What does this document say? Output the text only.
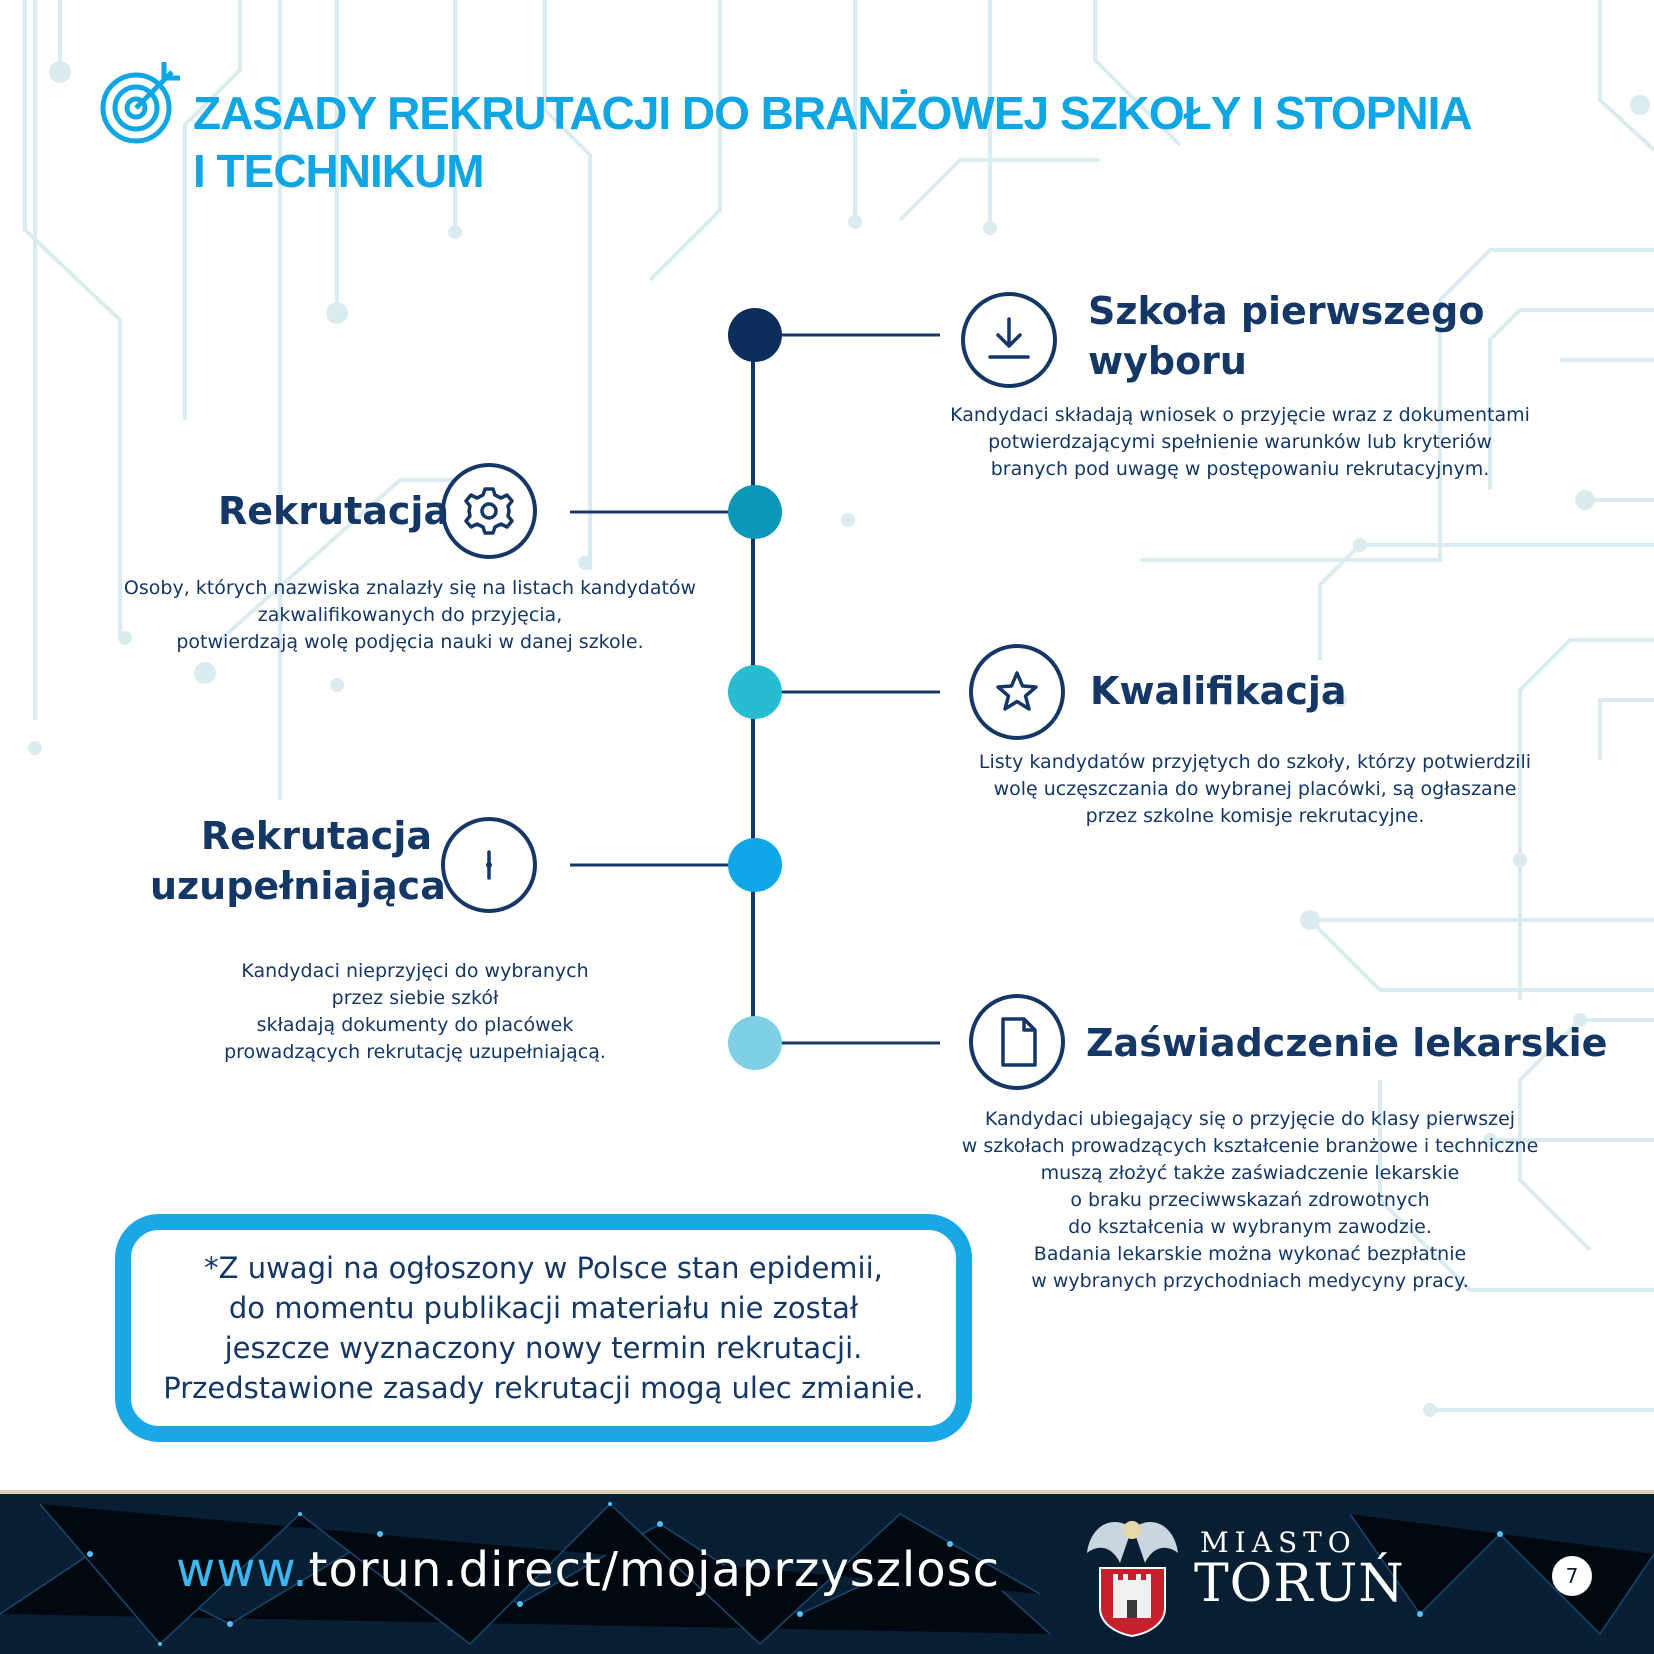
ZASADY REKRUTACJI DO BRANŻOWEJ SZKOŁY I STOPNIA
I TECHNIKUM
Szkoła pierwszego
wyboru

Kandydaci składają wniosek o przyjęcie wraz z dokumentami
potwierdzającymi spełnienie warunków lub kryteriów
branych pod uwagę w postępowaniu rekrutacyjnym.

Rekrutacja

Osoby, których nazwiska znalazły się na listach kandydatów
zakwalifikowanych do przyjęcia,
potwierdzają wolę podjęcia nauki w danej szkole.

Kwalifikacja

Listy kandydatów przyjętych do szkoły, którzy potwierdzili
wolę uczęszczania do wybranej placówki, są ogłaszane
przez szkolne komisje rekrutacyjne.

Rekrutacja
uzupełniająca

Kandydaci nieprzyjęci do wybranych
przez siebie szkół
składają dokumenty do placówek
prowadzących rekrutację uzupełniającą.	Zaświadczenie lekarskie

Kandydaci ubiegający się o przyjęcie do klasy pierwszej
w szkołach prowadzących kształcenie branżowe i techniczne
muszą złożyć także zaświadczenie lekarskie
o braku przeciwwskazań zdrowotnych
do kształcenia w wybranym zawodzie.
Badania lekarskie można wykonać bezpłatnie
w wybranych przychodniach medycyny pracy.

*Z uwagi na ogłoszony w Polsce stan epidemii,
do momentu publikacji materiału nie został
jeszcze wyznaczony nowy termin rekrutacji.
Przedstawione zasady rekrutacji mogą ulec zmianie.
www.torun.direct/mojaprzyszlosc	MIASTO
TORUŃ	7
